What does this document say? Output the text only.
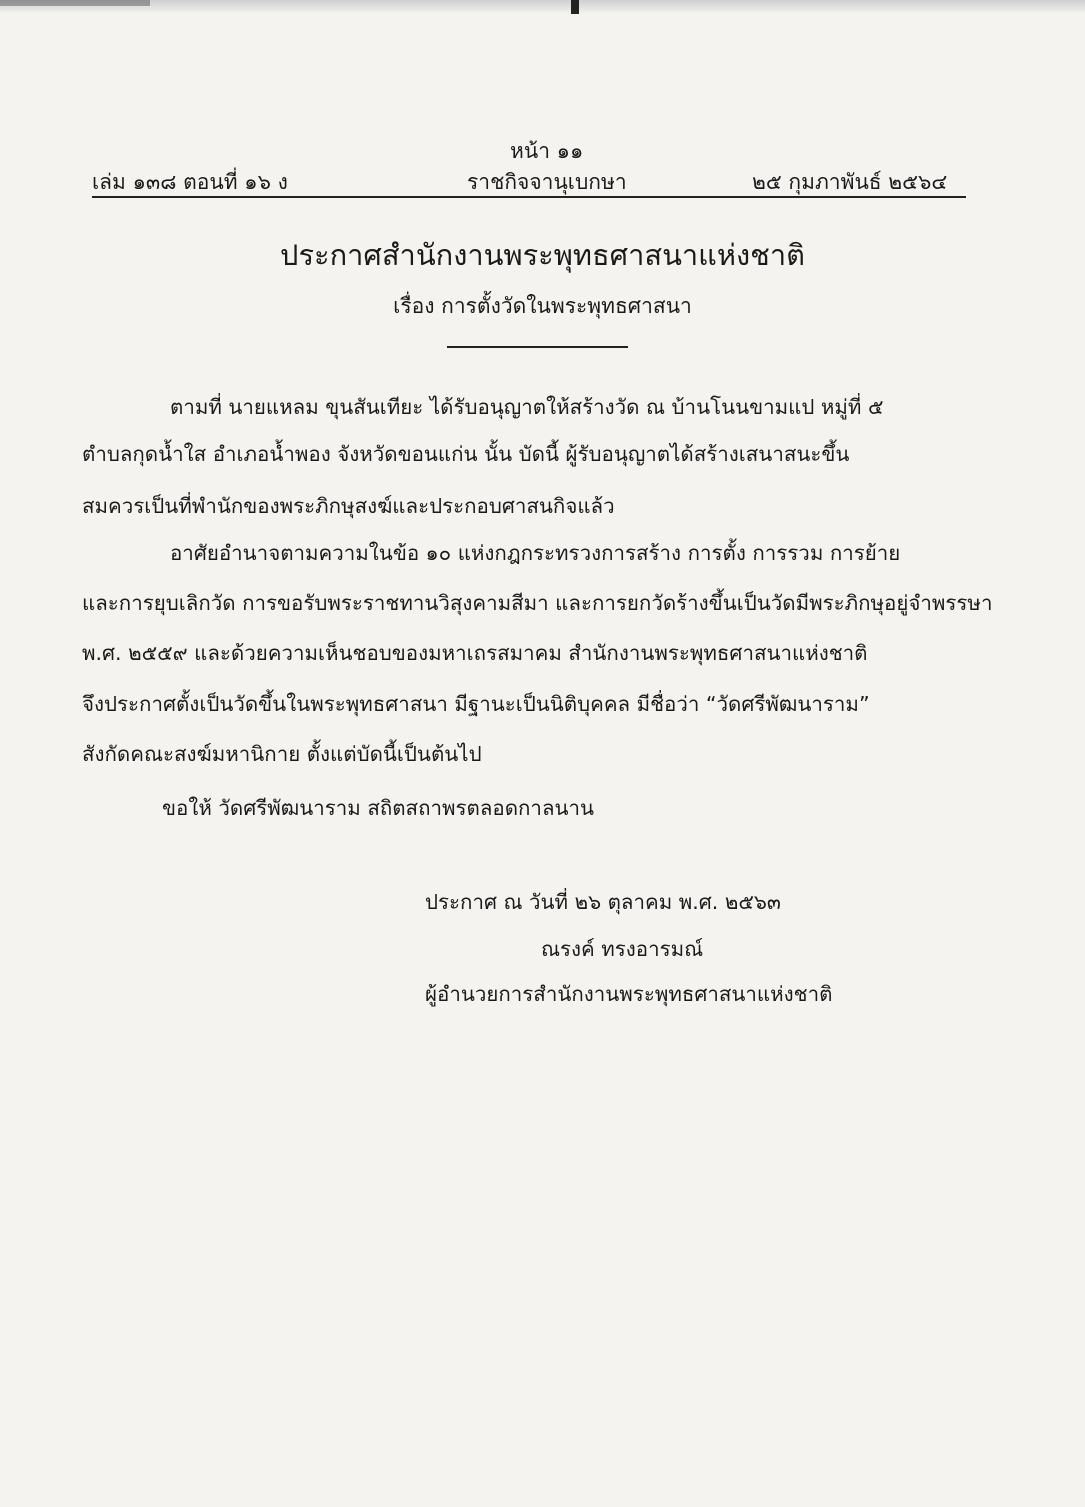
หน้า ๑๑
เล่ม ๑๓๘ ตอนที่ ๑๖ ง	ราชกิจจานุเบกษา	๒๕ กุมภาพันธ์ ๒๕๖๔
ประกาศสำนักงานพระพุทธศาสนาแห่งชาติ
เรื่อง การตั้งวัดในพระพุทธศาสนา
ตามที่ นายแหลม ขุนสันเทียะ ได้รับอนุญาตให้สร้างวัด ณ บ้านโนนขามแป หมู่ที่ ๕
ตำบลกุดน้ำใส อำเภอน้ำพอง จังหวัดขอนแก่น นั้น บัดนี้ ผู้รับอนุญาตได้สร้างเสนาสนะขึ้น
สมควรเป็นที่พำนักของพระภิกษุสงฆ์และประกอบศาสนกิจแล้ว
อาศัยอำนาจตามความในข้อ ๑๐ แห่งกฎกระทรวงการสร้าง การตั้ง การรวม การย้าย
และการยุบเลิกวัด การขอรับพระราชทานวิสุงคามสีมา และการยกวัดร้างขึ้นเป็นวัดมีพระภิกษุอยู่จำพรรษา
พ.ศ. ๒๕๕๙ และด้วยความเห็นชอบของมหาเถรสมาคม สำนักงานพระพุทธศาสนาแห่งชาติ
จึงประกาศตั้งเป็นวัดขึ้นในพระพุทธศาสนา มีฐานะเป็นนิติบุคคล มีชื่อว่า “วัดศรีพัฒนาราม”
สังกัดคณะสงฆ์มหานิกาย ตั้งแต่บัดนี้เป็นต้นไป
ขอให้ วัดศรีพัฒนาราม สถิตสถาพรตลอดกาลนาน
ประกาศ ณ วันที่ ๒๖ ตุลาคม พ.ศ. ๒๕๖๓
ณรงค์ ทรงอารมณ์
ผู้อำนวยการสำนักงานพระพุทธศาสนาแห่งชาติ
